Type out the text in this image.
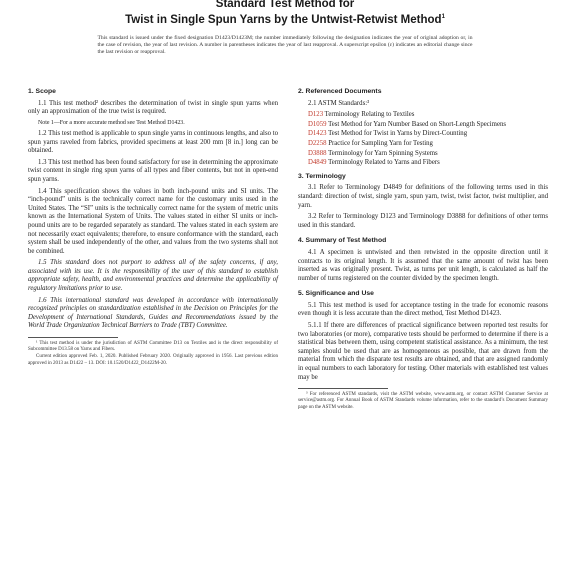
Standard Test Method for
Twist in Single Spun Yarns by the Untwist-Retwist Method$^1$
This standard is issued under the fixed designation D1423/D1423M; the number immediately following the designation indicates the year of original adoption or, in the case of revision, the year of last revision. A number in parentheses indicates the year of last reapproval. A superscript epsilon (ε) indicates an editorial change since the last revision or reapproval.
1. Scope
1.1 This test method² describes the determination of twist in single spun yarns when only an approximation of the true twist is required.
Note 1—For a more accurate method see Test Method D1423.
1.2 This test method is applicable to spun single yarns in continuous lengths, and also to spun yarns raveled from fabrics, provided specimens at least 200 mm [8 in.] long can be obtained.
1.3 This test method has been found satisfactory for use in determining the approximate twist content in single ring spun yarns of all types and fiber contents, but not in open-end spun yarns.
1.4 This specification shows the values in both inch-pound units and SI units. The “inch-pound” units is the technically correct name for the customary units used in the United States. The “SI” units is the technically correct name for the system of metric units known as the International System of Units. The values stated in either SI units or inch-pound units are to be regarded separately as standard. The values stated in each system are not necessarily exact equivalents; therefore, to ensure conformance with the standard, each system shall be used independently of the other, and values from the two systems shall not be combined.
1.5 This standard does not purport to address all of the safety concerns, if any, associated with its use. It is the responsibility of the user of this standard to establish appropriate safety, health, and environmental practices and determine the applicability of regulatory limitations prior to use.
1.6 This international standard was developed in accordance with internationally recognized principles on standardization established in the Decision on Principles for the Development of International Standards, Guides and Recommendations issued by the World Trade Organization Technical Barriers to Trade (TBT) Committee.
¹ This test method is under the jurisdiction of ASTM Committee D13 on Textiles and is the direct responsibility of Subcommittee D13.58 on Yarns and Fibers.
Current edition approved Feb. 1, 2020. Published February 2020. Originally approved in 1956. Last previous edition approved in 2013 as D1422 – 13. DOI: 10.1520/D1422_D1422M-20.
2. Referenced Documents
2.1 ASTM Standards:³
D123 Terminology Relating to Textiles
D1059 Test Method for Yarn Number Based on Short-Length Specimens
D1423 Test Method for Twist in Yarns by Direct-Counting
D2258 Practice for Sampling Yarn for Testing
D3888 Terminology for Yarn Spinning Systems
D4849 Terminology Related to Yarns and Fibers
3. Terminology
3.1 Refer to Terminology D4849 for definitions of the following terms used in this standard: direction of twist, single yarn, spun yarn, twist, twist factor, twist multiplier, and yarn.
3.2 Refer to Terminology D123 and Terminology D3888 for definitions of other terms used in this standard.
4. Summary of Test Method
4.1 A specimen is untwisted and then retwisted in the opposite direction until it contracts to its original length. It is assumed that the same amount of twist has been inserted as was originally present. Twist, as turns per unit length, is calculated as half the number of turns registered on the counter divided by the specimen length.
5. Significance and Use
5.1 This test method is used for acceptance testing in the trade for economic reasons even though it is less accurate than the direct method, Test Method D1423.
5.1.1 If there are differences of practical significance between reported test results for two laboratories (or more), comparative tests should be performed to determine if there is a statistical bias between them, using competent statistical assistance. As a minimum, the test samples should be used that are as homogeneous as possible, that are drawn from the material from which the disparate test results are obtained, and that are assigned randomly in equal numbers to each laboratory for testing. Other materials with established test values may be
³ For referenced ASTM standards, visit the ASTM website, www.astm.org, or contact ASTM Customer Service at service@astm.org. For Annual Book of ASTM Standards volume information, refer to the standard’s Document Summary page on the ASTM website.
